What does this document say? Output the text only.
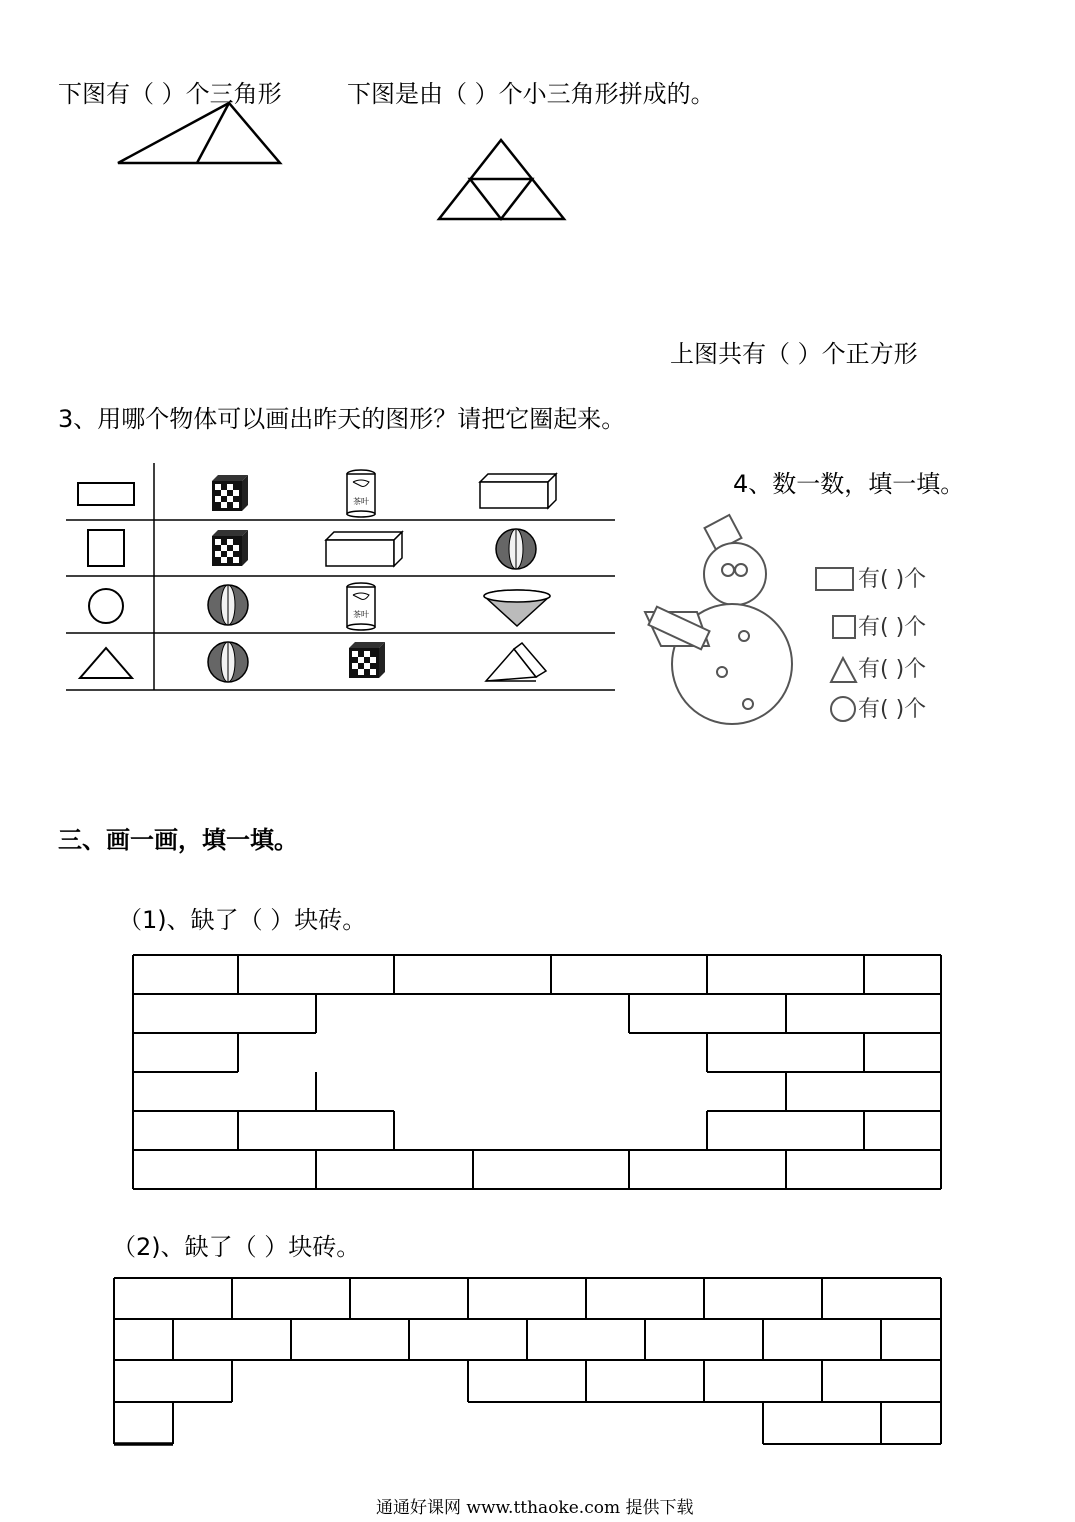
下图有（ ）个三角形	下图是由（ ）个小三角形拼成的。
上图共有（ ）个正方形
3、用哪个物体可以画出昨天的图形？请把它圈起来。
茶叶
茶叶
4、数一数，填一填。
有( )个
有( )个
有( )个
有( )个
三、画一画，填一填。
（1)、缺了（ ）块砖。
（2)、缺了（ ）块砖。
通通好课网 www.tthaoke.com 提供下载
